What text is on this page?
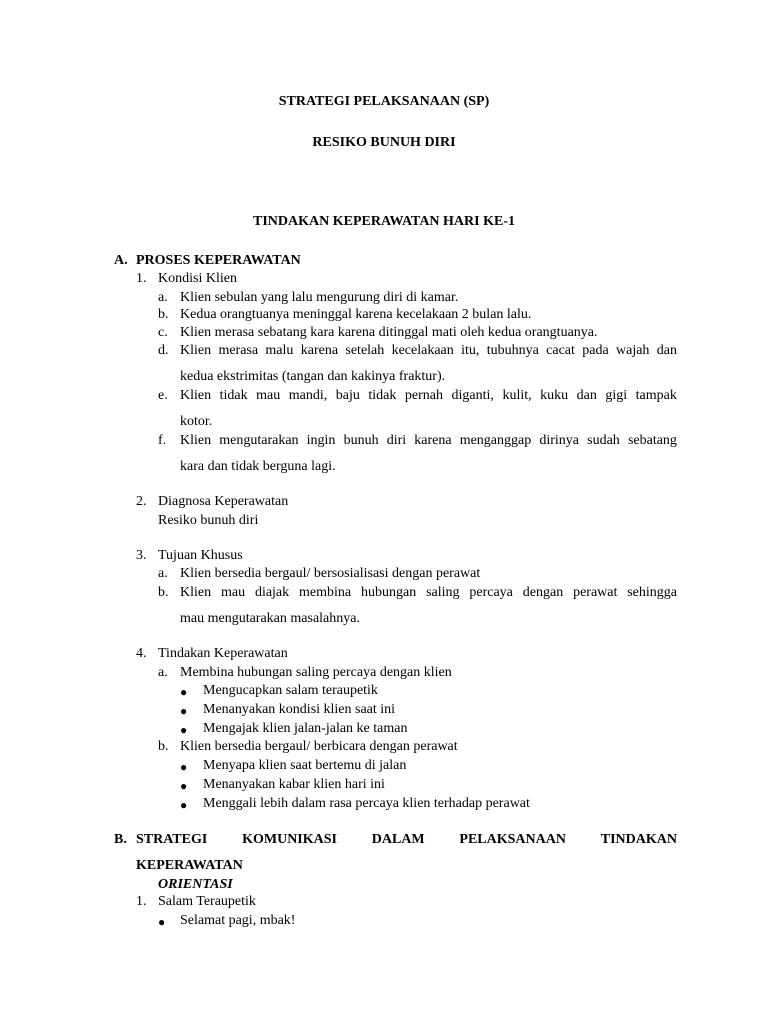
STRATEGI PELAKSANAAN (SP)
RESIKO BUNUH DIRI
TINDAKAN KEPERAWATAN HARI KE-1
A. PROSES KEPERAWATAN
1. Kondisi Klien
a. Klien sebulan yang lalu mengurung diri di kamar.
b. Kedua orangtuanya meninggal karena kecelakaan 2 bulan lalu.
c. Klien merasa sebatang kara karena ditinggal mati oleh kedua orangtuanya.
d. Klien merasa malu karena setelah kecelakaan itu, tubuhnya cacat pada wajah dan
kedua ekstrimitas (tangan dan kakinya fraktur).
e. Klien tidak mau mandi, baju tidak pernah diganti, kulit, kuku dan gigi tampak
kotor.
f. Klien mengutarakan ingin bunuh diri karena menganggap dirinya sudah sebatang
kara dan tidak berguna lagi.
2. Diagnosa Keperawatan
Resiko bunuh diri
3. Tujuan Khusus
a. Klien bersedia bergaul/ bersosialisasi dengan perawat
b. Klien mau diajak membina hubungan saling percaya dengan perawat sehingga
mau mengutarakan masalahnya.
4. Tindakan Keperawatan
a. Membina hubungan saling percaya dengan klien
● Mengucapkan salam teraupetik
● Menanyakan kondisi klien saat ini
● Mengajak klien jalan-jalan ke taman
b. Klien bersedia bergaul/ berbicara dengan perawat
● Menyapa klien saat bertemu di jalan
● Menanyakan kabar klien hari ini
● Menggali lebih dalam rasa percaya klien terhadap perawat
B. STRATEGI KOMUNIKASI DALAM PELAKSANAAN TINDAKAN
KEPERAWATAN
ORIENTASI
1. Salam Teraupetik
● Selamat pagi, mbak!
